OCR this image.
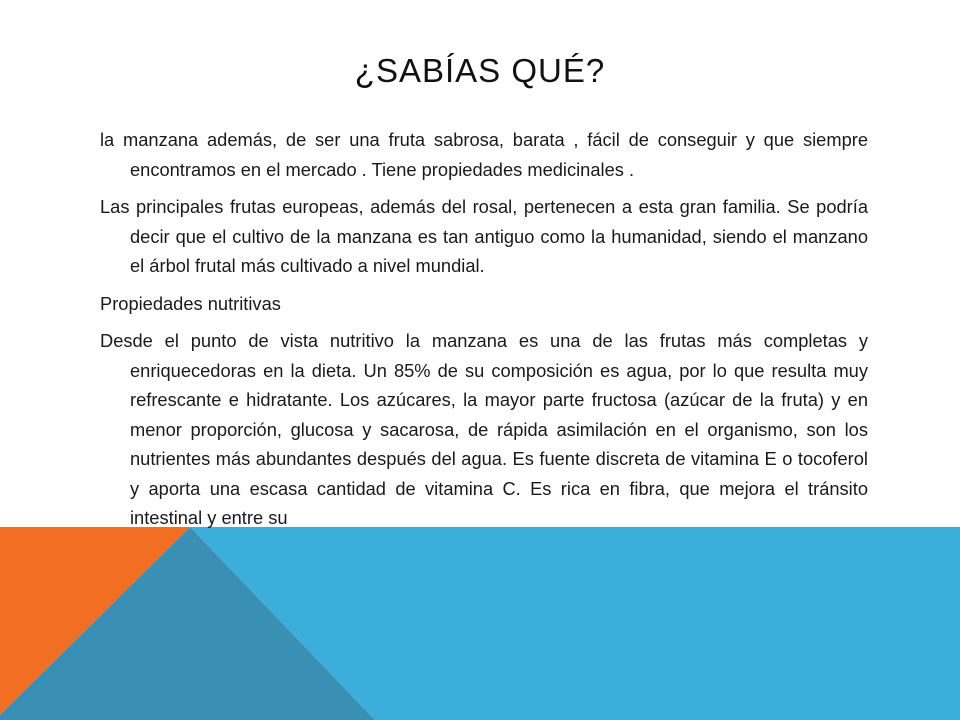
¿SABÍAS QUÉ?

la manzana además, de ser una fruta sabrosa, barata , fácil de conseguir y que siempre encontramos en el mercado . Tiene propiedades medicinales .

Las principales frutas europeas, además del rosal, pertenecen a esta gran familia. Se podría decir que el cultivo de la manzana es tan antiguo como la humanidad, siendo el manzano el árbol frutal más cultivado a nivel mundial.

Propiedades nutritivas

Desde el punto de vista nutritivo la manzana es una de las frutas más completas y enriquecedoras en la dieta. Un 85% de su composición es agua, por lo que resulta muy refrescante e hidratante. Los azúcares, la mayor parte fructosa (azúcar de la fruta) y en menor proporción, glucosa y sacarosa, de rápida asimilación en el organismo, son los nutrientes más abundantes después del agua. Es fuente discreta de vitamina E o tocoferol y aporta una escasa cantidad de vitamina C. Es rica en fibra, que mejora el tránsito intestinal y entre su
